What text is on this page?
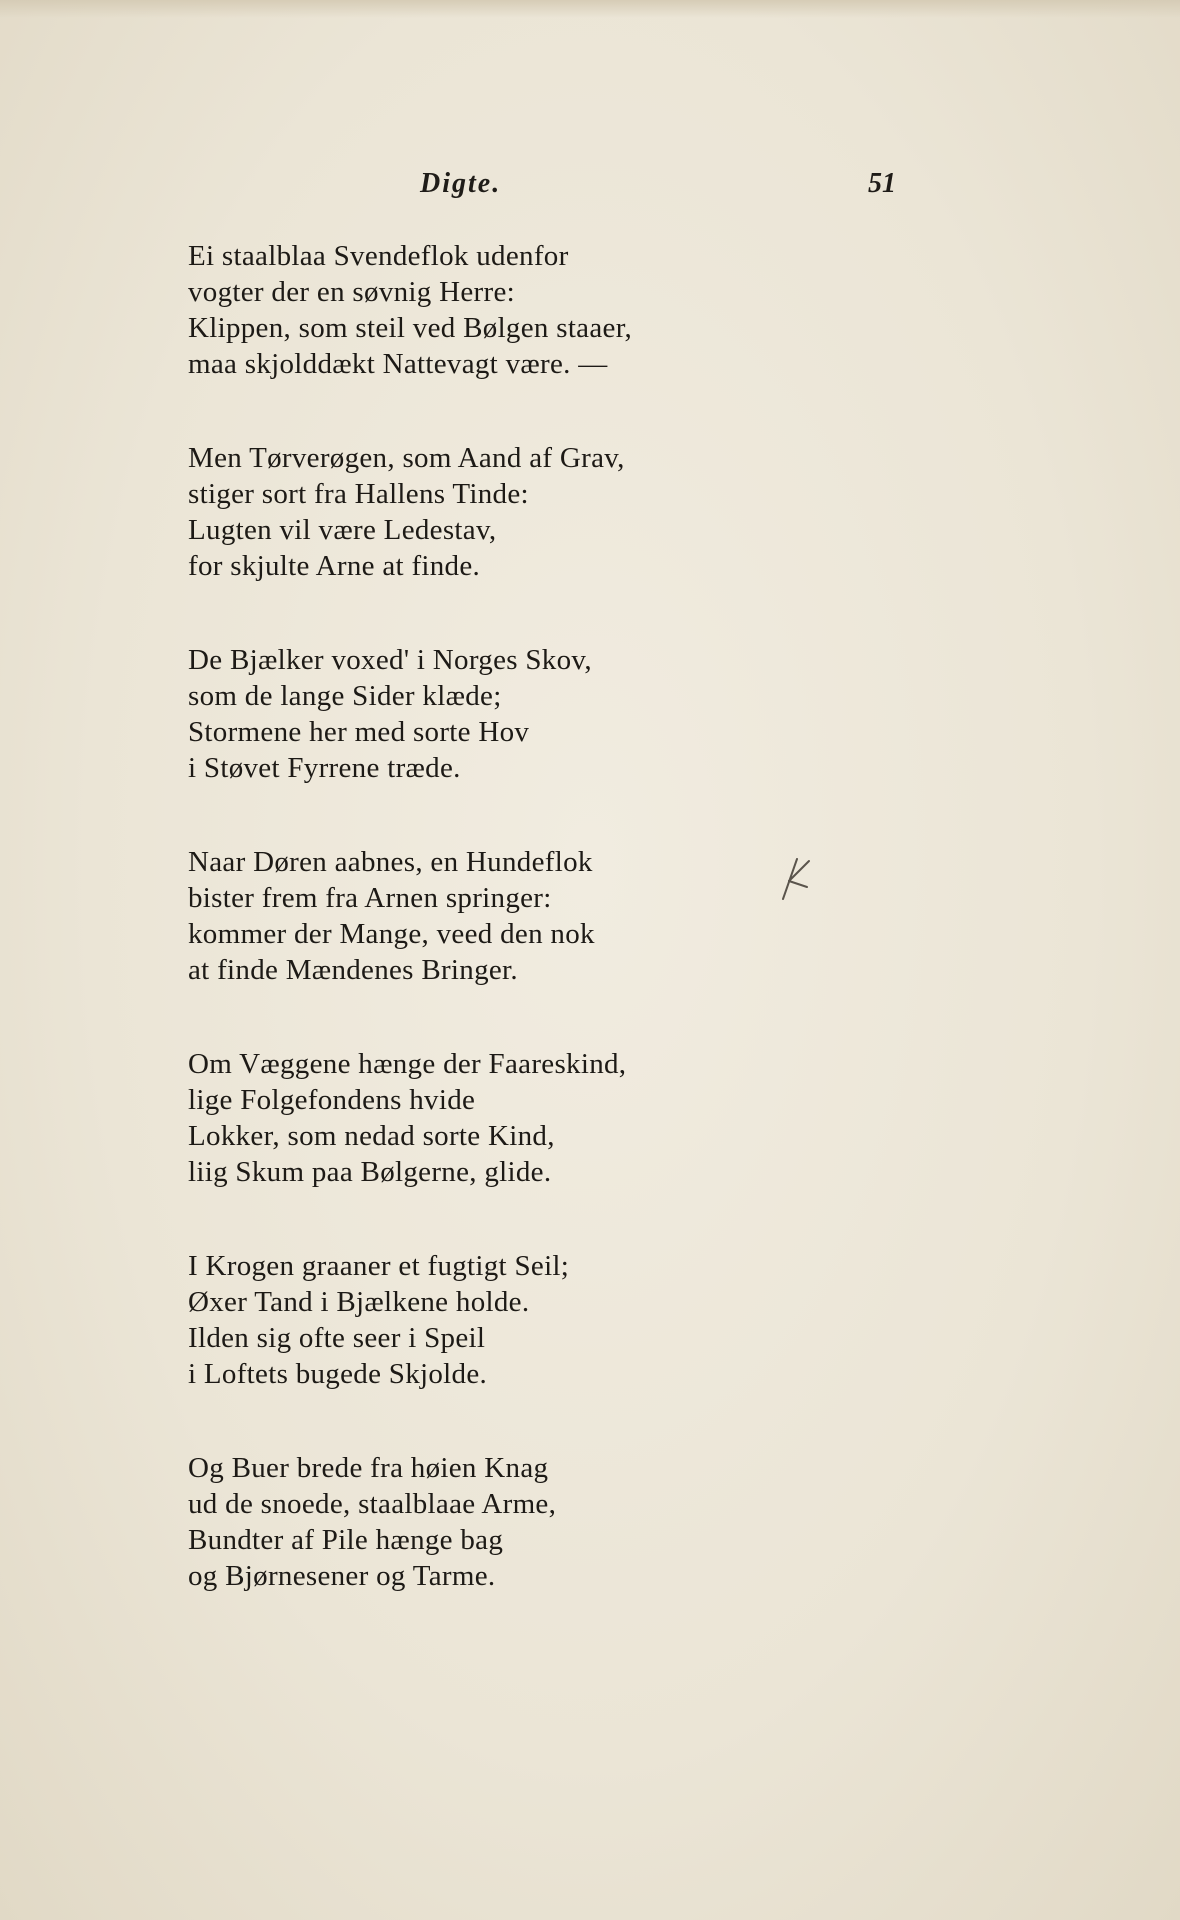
Digte.	51
Ei staalblaa Svendeflok udenfor
vogter der en søvnig Herre:
Klippen, som steil ved Bølgen staaer,
maa skjolddækt Nattevagt være. —
Men Tørverøgen, som Aand af Grav,
stiger sort fra Hallens Tinde:
Lugten vil være Ledestav,
for skjulte Arne at finde.
De Bjælker voxed' i Norges Skov,
som de lange Sider klæde;
Stormene her med sorte Hov
i Støvet Fyrrene træde.
Naar Døren aabnes, en Hundeflok
bister frem fra Arnen springer:
kommer der Mange, veed den nok
at finde Mændenes Bringer.
Om Væggene hænge der Faareskind,
lige Folgefondens hvide
Lokker, som nedad sorte Kind,
liig Skum paa Bølgerne, glide.
I Krogen graaner et fugtigt Seil;
Øxer Tand i Bjælkene holde.
Ilden sig ofte seer i Speil
i Loftets bugede Skjolde.
Og Buer brede fra høien Knag
ud de snoede, staalblaae Arme,
Bundter af Pile hænge bag
og Bjørnesener og Tarme.
